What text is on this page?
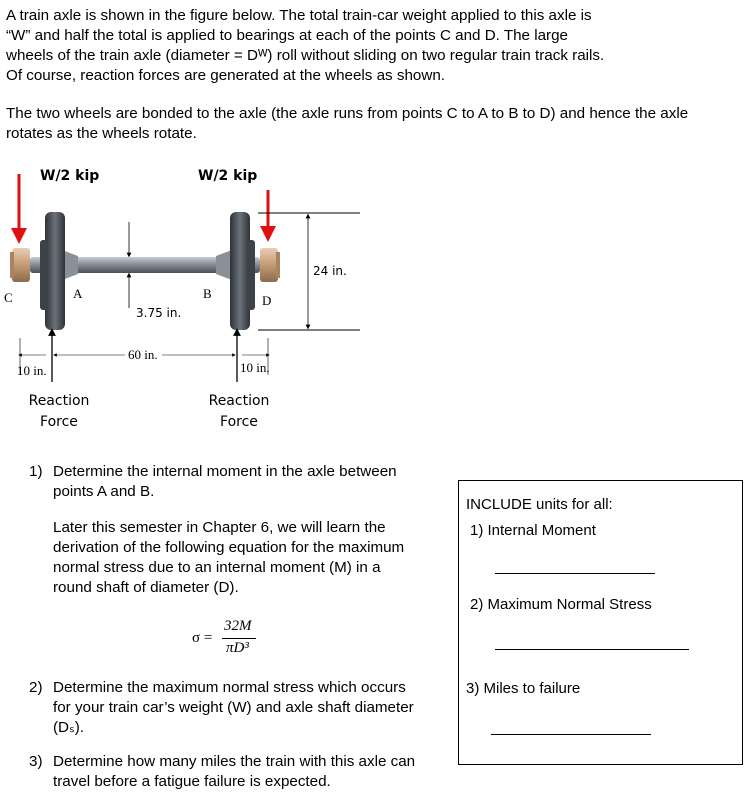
A train axle is shown in the figure below. The total train-car weight applied to this axle is

“W” and half the total is applied to bearings at each of the points C and D. The large

wheels of the train axle (diameter = Dᵂ) roll without sliding on two regular train track rails.

Of course, reaction forces are generated at the wheels as shown.

The two wheels are bonded to the axle (the axle runs from points C to A to B to D) and hence the axle

rotates as the wheels rotate.

W/2 kip	W/2 kip
C	A	B	D
24 in.
3.75 in.
60 in.
10 in.	10 in.
Reaction
Force
Reaction
Force
1) Determine the internal moment in the axle between
points A and B.
Later this semester in Chapter 6, we will learn the
derivation of the following equation for the maximum
normal stress due to an internal moment (M) in a
round shaft of diameter (D).
σ =
32M
πD³
2) Determine the maximum normal stress which occurs
for your train car’s weight (W) and axle shaft diameter
(Dₛ).
3) Determine how many miles the train with this axle can
travel before a fatigue failure is expected.
INCLUDE units for all:
1) Internal Moment
2) Maximum Normal Stress
3) Miles to failure
